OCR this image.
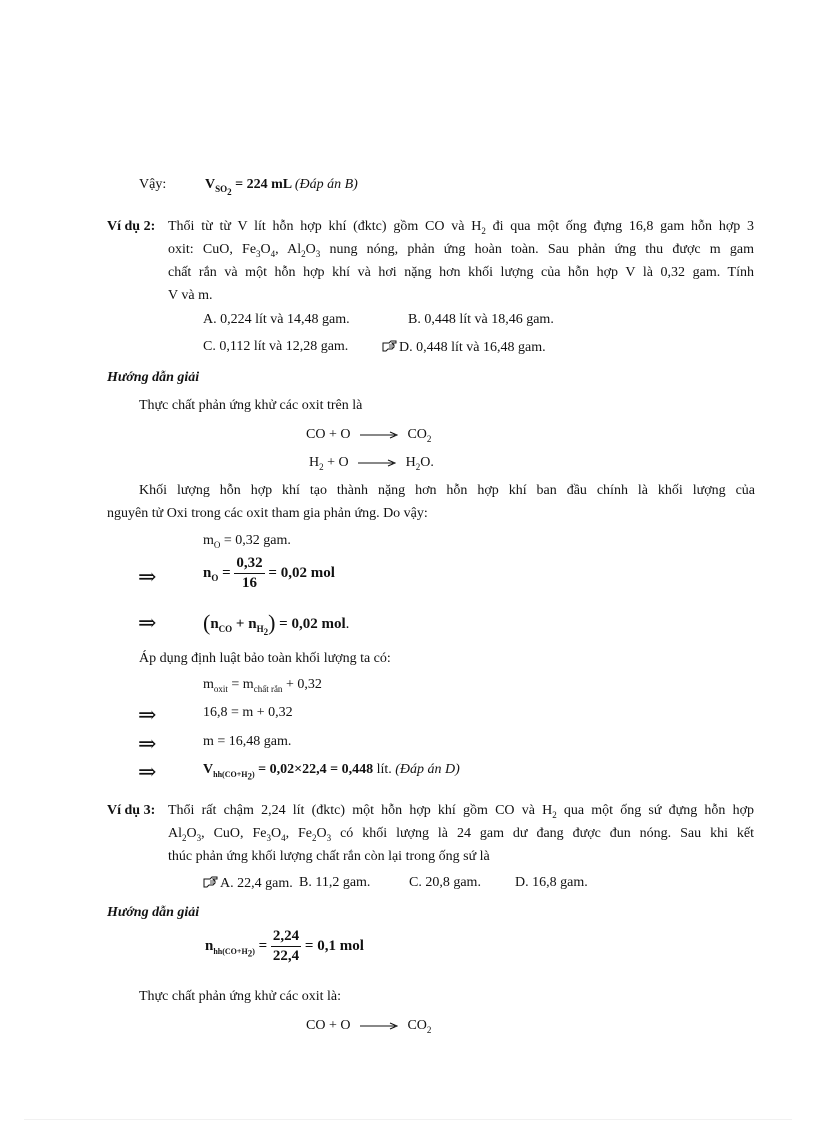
Vậy:	$V_{SO_2} = 224$ mL (Đáp án B)
Ví dụ 2: Thổi từ từ V lít hỗn hợp khí (đktc) gồm CO và $H_2$ đi qua một ống đựng 16,8 gam hỗn hợp 3
oxit: CuO, $Fe_3O_4$, $Al_2O_3$ nung nóng, phản ứng hoàn toàn. Sau phản ứng thu được m gam
chất rắn và một hỗn hợp khí và hơi nặng hơn khối lượng của hỗn hợp V là 0,32 gam. Tính
V và m.
A. 0,224 lít và 14,48 gam.	B. 0,448 lít và 18,46 gam.
C. 0,112 lít và 12,28 gam.	D. 0,448 lít và 16,48 gam.
Hướng dẫn giải
Thực chất phản ứng khử các oxit trên là
CO + O	$CO_2$
$H_2 + O$	$H_2O$.
Khối lượng hỗn hợp khí tạo thành nặng hơn hỗn hợp khí ban đầu chính là khối lượng của
nguyên tử Oxi trong các oxit tham gia phản ứng. Do vậy:
$m_O = 0,32$ gam.
⇒	$n_O = \frac{0,32}{16} = 0,02$ mol
⇒ $(n_{CO} + n_{H_2}) = 0,02$ mol.
Áp dụng định luật bảo toàn khối lượng ta có:
$m_{oxit} = m_{chất rắn} + 0,32$
⇒	16,8 = m + 0,32
⇒	m = 16,48 gam.
⇒	$V_{hh(CO+H_2)} = 0,02\times 22,4 = 0,448$ lít. (Đáp án D)
Ví dụ 3: Thổi rất chậm 2,24 lít (đktc) một hỗn hợp khí gồm CO và $H_2$ qua một ống sứ đựng hỗn hợp
$Al_2O_3$, CuO, $Fe_3O_4$, $Fe_2O_3$ có khối lượng là 24 gam dư đang được đun nóng. Sau khi kết
thúc phản ứng khối lượng chất rắn còn lại trong ống sứ là
A. 22,4 gam. B. 11,2 gam.	C. 20,8 gam. D. 16,8 gam.
Hướng dẫn giải
$n_{hh(CO+H_2)} = \frac{2,24}{22,4} = 0,1$ mol
Thực chất phản ứng khử các oxit là:
CO + O	$CO_2$
